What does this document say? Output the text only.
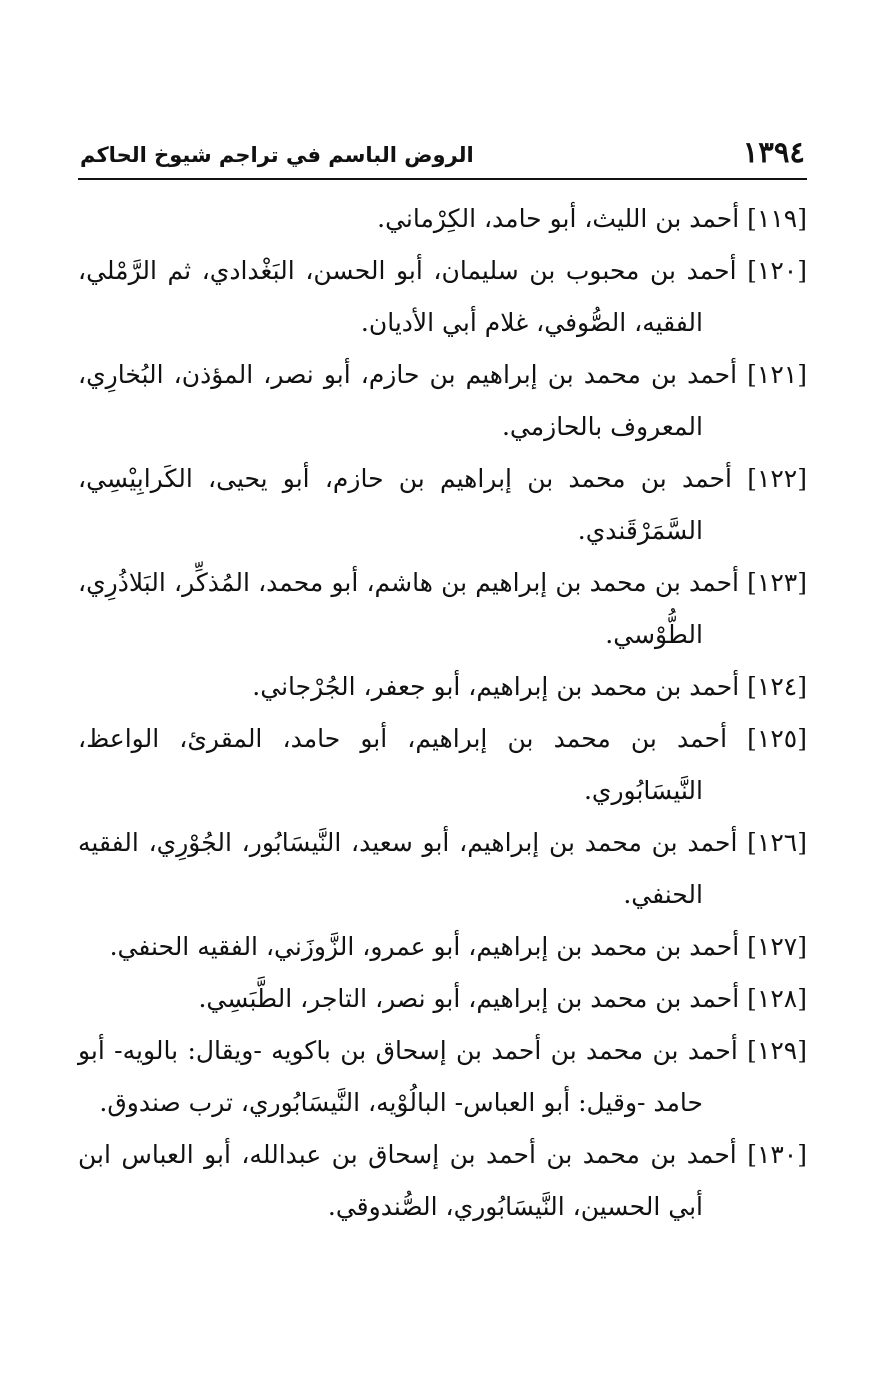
١٣٩٤
الروض الباسم في تراجم شيوخ الحاكم

[١١٩] أحمد بن الليث، أبو حامد، الكِرْماني.

[١٢٠] أحمد بن محبوب بن سليمان، أبو الحسن، البَغْدادي، ثم الرَّمْلي، الفقيه، الصُّوفي، غلام أبي الأديان.

[١٢١] أحمد بن محمد بن إبراهيم بن حازم، أبو نصر، المؤذن، البُخارِي، المعروف بالحازمي.

[١٢٢] أحمد بن محمد بن إبراهيم بن حازم، أبو يحيى، الكَرابِيْسِي، السَّمَرْقَندي.

[١٢٣] أحمد بن محمد بن إبراهيم بن هاشم، أبو محمد، المُذكِّر، البَلاذُرِي، الطُّوْسي.

[١٢٤] أحمد بن محمد بن إبراهيم، أبو جعفر، الجُرْجاني.

[١٢٥] أحمد بن محمد بن إبراهيم، أبو حامد، المقرئ، الواعظ، النَّيسَابُوري.

[١٢٦] أحمد بن محمد بن إبراهيم، أبو سعيد، النَّيسَابُور، الجُوْرِي، الفقيه الحنفي.

[١٢٧] أحمد بن محمد بن إبراهيم، أبو عمرو، الزَّوزَني، الفقيه الحنفي.

[١٢٨] أحمد بن محمد بن إبراهيم، أبو نصر، التاجر، الطَّبَسِي.

[١٢٩] أحمد بن محمد بن أحمد بن إسحاق بن باكويه -ويقال: بالويه- أبو حامد -وقيل: أبو العباس- البالُوْيه، النَّيسَابُوري، ترب صندوق.

[١٣٠] أحمد بن محمد بن أحمد بن إسحاق بن عبدالله، أبو العباس ابن أبي الحسين، النَّيسَابُوري، الصُّندوقي.
